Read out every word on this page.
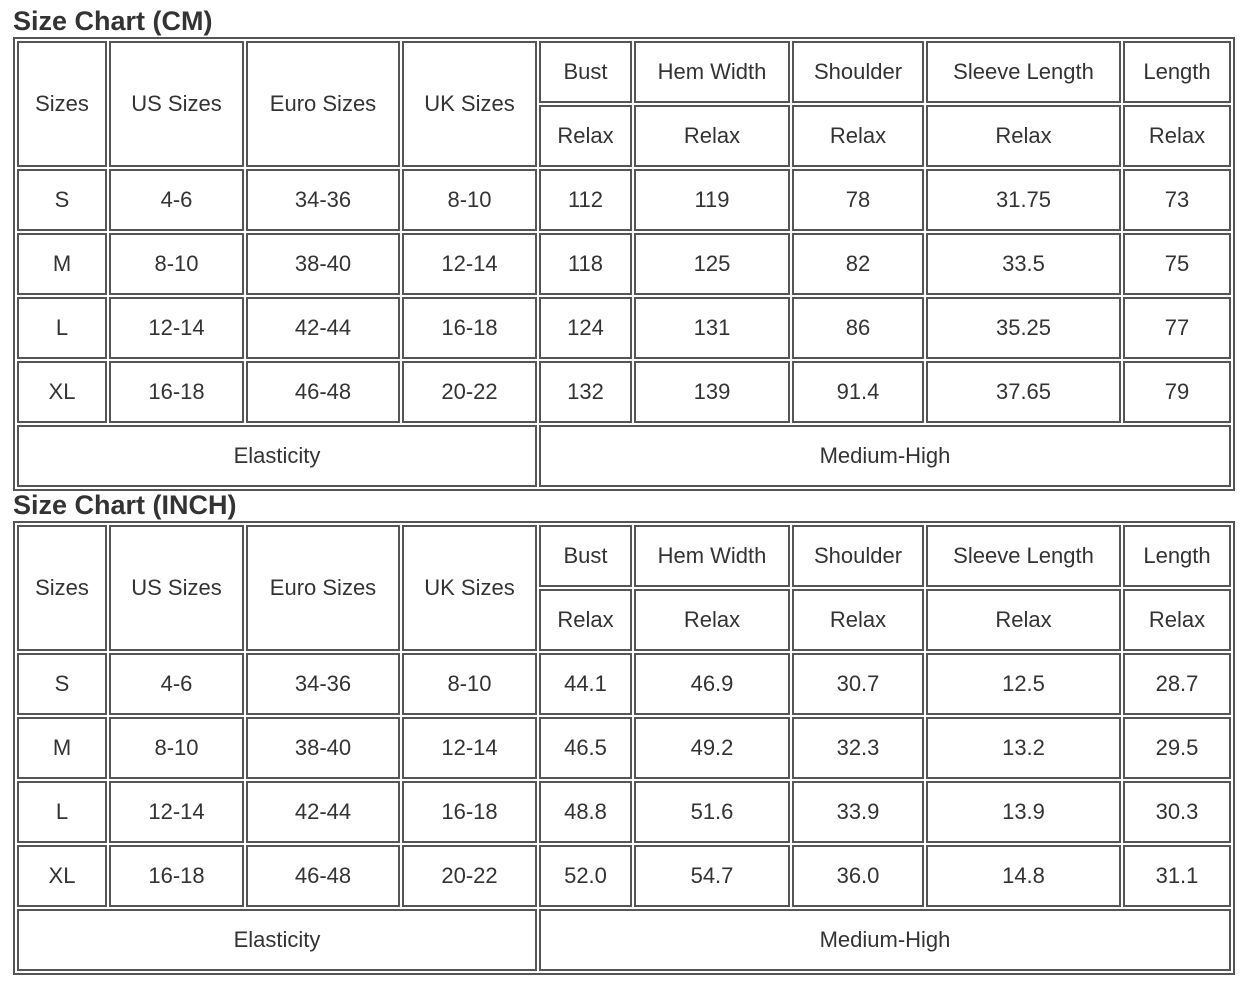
Size Chart (CM)
Sizes	US Sizes	Euro Sizes	UK Sizes	Bust	Hem Width	Shoulder	Sleeve Length	Length
				Relax	Relax	Relax	Relax	Relax
S	4-6	34-36	8-10	112	119	78	31.75	73
M	8-10	38-40	12-14	118	125	82	33.5	75
L	12-14	42-44	16-18	124	131	86	35.25	77
XL	16-18	46-48	20-22	132	139	91.4	37.65	79
Elasticity				Medium-High				
Size Chart (INCH)
Sizes	US Sizes	Euro Sizes	UK Sizes	Bust	Hem Width	Shoulder	Sleeve Length	Length
				Relax	Relax	Relax	Relax	Relax
S	4-6	34-36	8-10	44.1	46.9	30.7	12.5	28.7
M	8-10	38-40	12-14	46.5	49.2	32.3	13.2	29.5
L	12-14	42-44	16-18	48.8	51.6	33.9	13.9	30.3
XL	16-18	46-48	20-22	52.0	54.7	36.0	14.8	31.1
Elasticity				Medium-High				
